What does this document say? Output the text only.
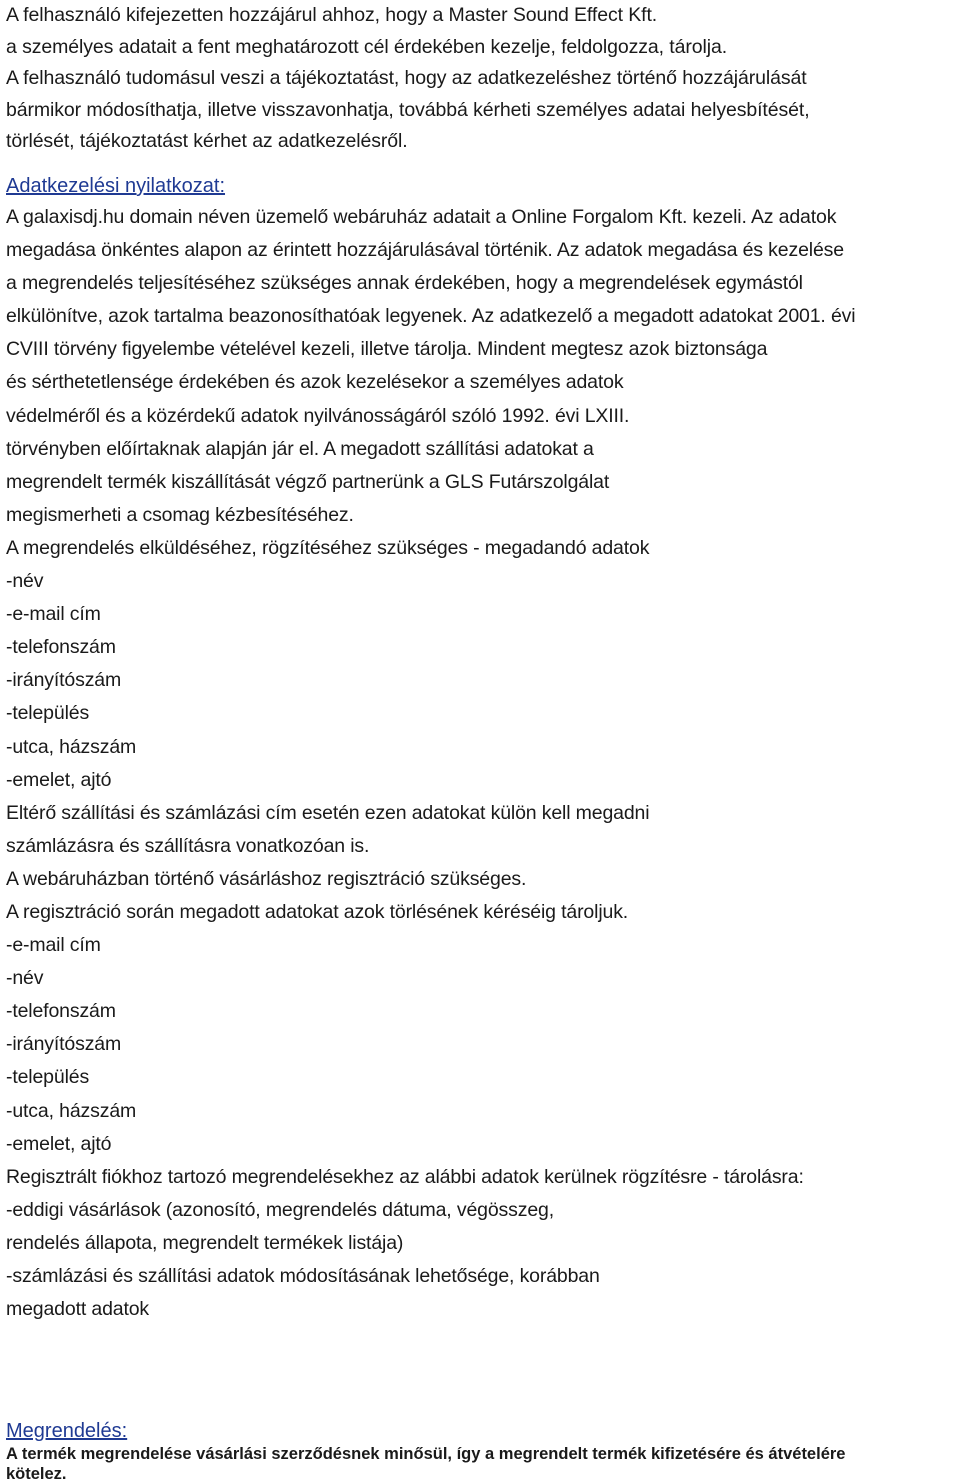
A felhasználó kifejezetten hozzájárul ahhoz, hogy a Master Sound Effect Kft.
a személyes adatait a fent meghatározott cél érdekében kezelje, feldolgozza, tárolja.
A felhasználó tudomásul veszi a tájékoztatást, hogy az adatkezeléshez történő hozzájárulását
bármikor módosíthatja, illetve visszavonhatja, továbbá kérheti személyes adatai helyesbítését,
törlését, tájékoztatást kérhet az adatkezelésről.

Adatkezelési nyilatkozat:
A galaxisdj.hu domain néven üzemelő webáruház adatait a Online Forgalom Kft. kezeli. Az adatok
megadása önkéntes alapon az érintett hozzájárulásával történik. Az adatok megadása és kezelése
a megrendelés teljesítéséhez szükséges annak érdekében, hogy a megrendelések egymástól
elkülönítve, azok tartalma beazonosíthatóak legyenek. Az adatkezelő a megadott adatokat 2001. évi
CVIII törvény figyelembe vételével kezeli, illetve tárolja. Mindent megtesz azok biztonsága
és sérthetetlensége érdekében és azok kezelésekor a személyes adatok
védelméről és a közérdekű adatok nyilvánosságáról szóló 1992. évi LXIII.
törvényben előírtaknak alapján jár el. A megadott szállítási adatokat a
megrendelt termék kiszállítását végző partnerünk a GLS Futárszolgálat
megismerheti a csomag kézbesítéséhez.
A megrendelés elküldéséhez, rögzítéséhez szükséges - megadandó adatok
-név
-e-mail cím
-telefonszám
-irányítószám
-település
-utca, házszám
-emelet, ajtó
Eltérő szállítási és számlázási cím esetén ezen adatokat külön kell megadni
számlázásra és szállításra vonatkozóan is.
A webáruházban történő vásárláshoz regisztráció szükséges.
A regisztráció során megadott adatokat azok törlésének kéréséig tároljuk.
-e-mail cím
-név
-telefonszám
-irányítószám
-település
-utca, házszám
-emelet, ajtó
Regisztrált fiókhoz tartozó megrendelésekhez az alábbi adatok kerülnek rögzítésre - tárolásra:
-eddigi vásárlások (azonosító, megrendelés dátuma, végösszeg,
rendelés állapota, megrendelt termékek listája)
-számlázási és szállítási adatok módosításának lehetősége, korábban
megadott adatok
Megrendelés:

A termék megrendelése vásárlási szerződésnek minősül, így a megrendelt termék kifizetésére és átvételére
kötelez.
